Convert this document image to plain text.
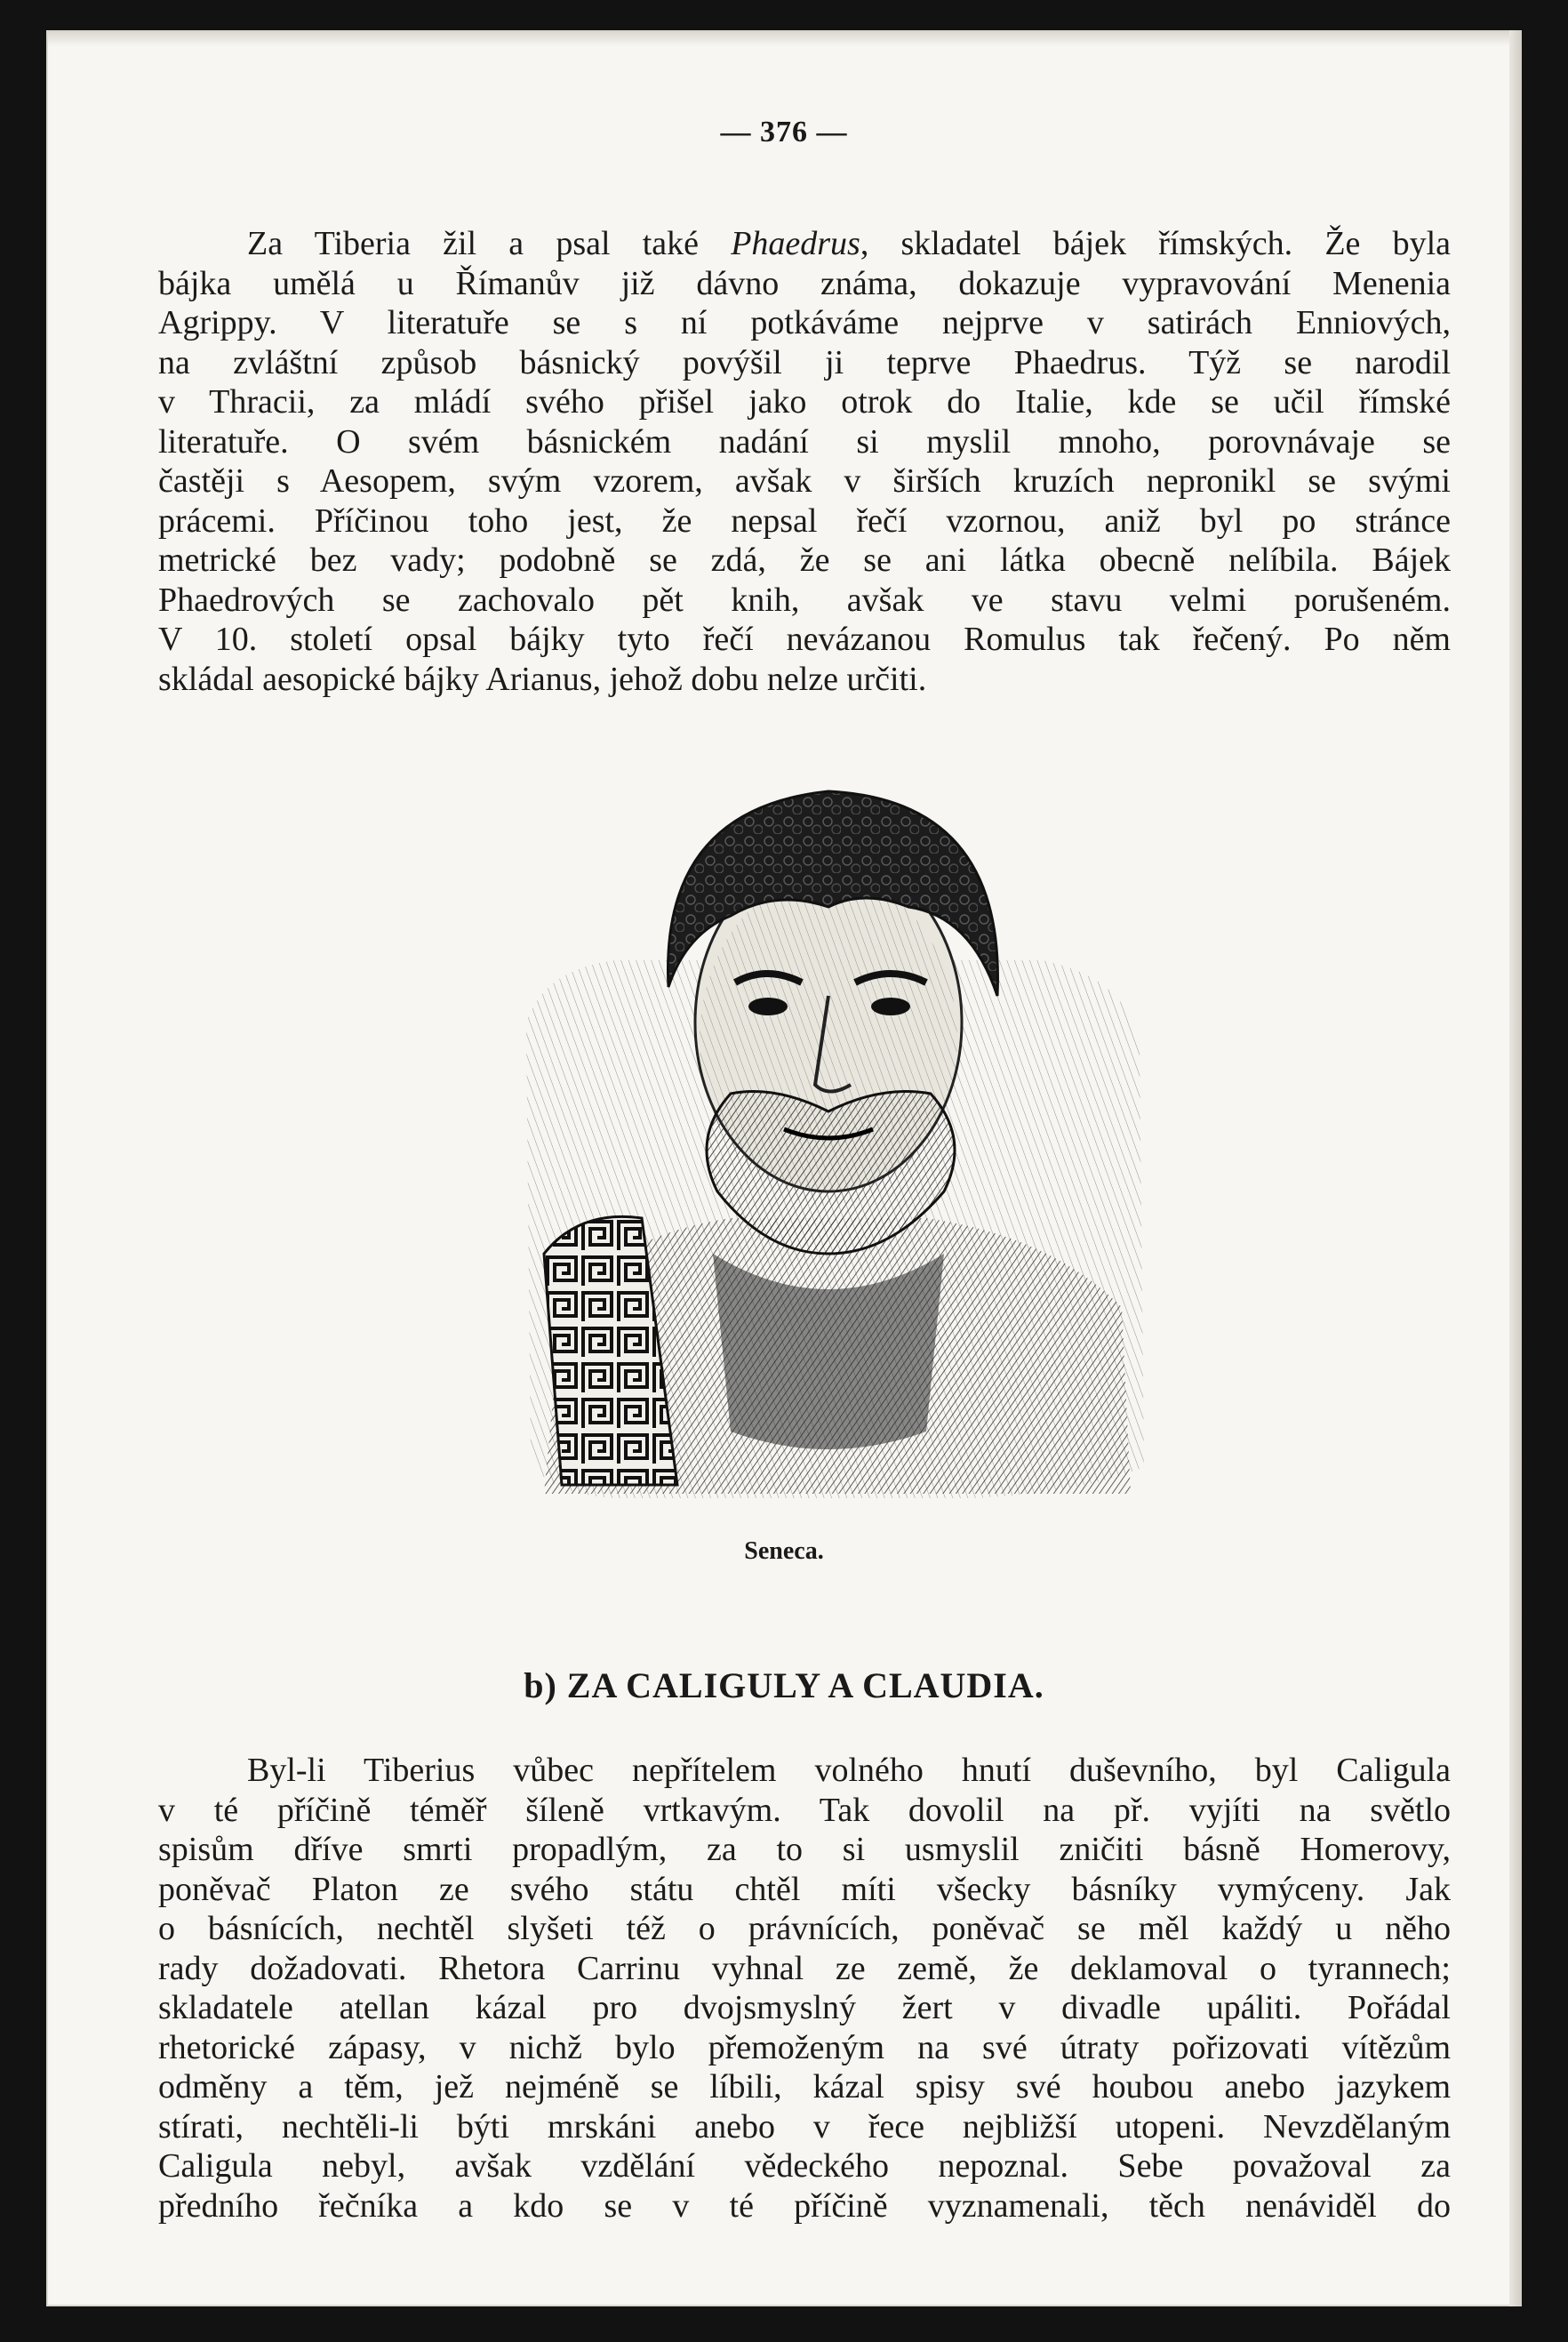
— 376 —
Za Tiberia žil a psal také Phaedrus, skladatel bájek římských. Že byla
bájka umělá u Římanův již dávno známa, dokazuje vypravování Menenia
Agrippy. V literatuře se s ní potkáváme nejprve v satirách Enniových,
na zvláštní způsob básnický povýšil ji teprve Phaedrus. Týž se narodil
v Thracii, za mládí svého přišel jako otrok do Italie, kde se učil římské
literatuře. O svém básnickém nadání si myslil mnoho, porovnávaje se
častěji s Aesopem, svým vzorem, avšak v širších kruzích nepronikl se svými
prácemi. Příčinou toho jest, že nepsal řečí vzornou, aniž byl po stránce
metrické bez vady; podobně se zdá, že se ani látka obecně nelíbila. Bájek
Phaedrových se zachovalo pět knih, avšak ve stavu velmi porušeném.
V 10. století opsal bájky tyto řečí nevázanou Romulus tak řečený. Po něm
skládal aesopické bájky Arianus, jehož dobu nelze určiti.
Seneca.
b) ZA CALIGULY A CLAUDIA.
Byl-li Tiberius vůbec nepřítelem volného hnutí duševního, byl Caligula
v té příčině téměř šíleně vrtkavým. Tak dovolil na př. vyjíti na světlo
spisům dříve smrti propadlým, za to si usmyslil zničiti básně Homerovy,
poněvač Platon ze svého státu chtěl míti všecky básníky vymýceny. Jak
o básnících, nechtěl slyšeti též o právnících, poněvač se měl každý u něho
rady dožadovati. Rhetora Carrinu vyhnal ze země, že deklamoval o tyrannech;
skladatele atellan kázal pro dvojsmyslný žert v divadle upáliti. Pořádal
rhetorické zápasy, v nichž bylo přemoženým na své útraty pořizovati vítězům
odměny a těm, jež nejméně se líbili, kázal spisy své houbou anebo jazykem
stírati, nechtěli-li býti mrskáni anebo v řece nejbližší utopeni. Nevzdělaným
Caligula nebyl, avšak vzdělání vědeckého nepoznal. Sebe považoval za
předního řečníka a kdo se v té příčině vyznamenali, těch nenáviděl do
